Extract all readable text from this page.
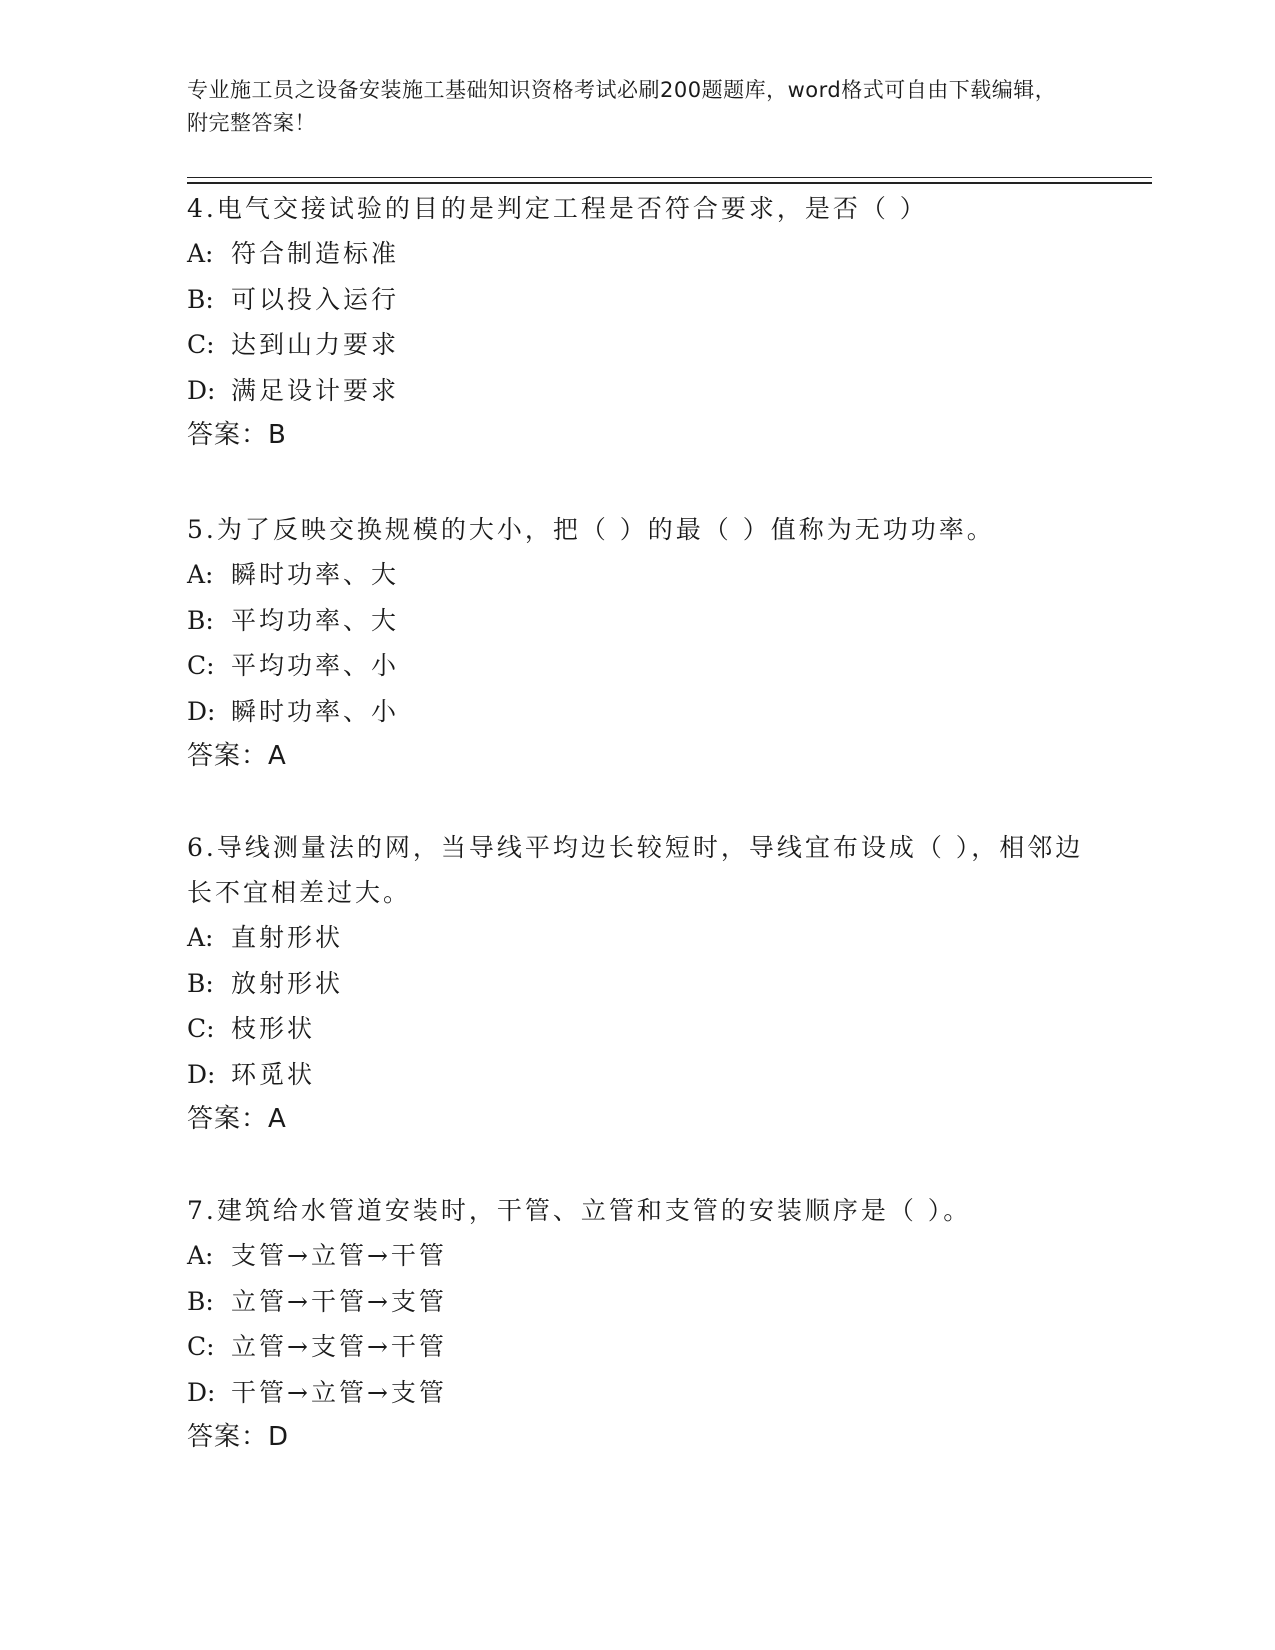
专业施工员之设备安装施工基础知识资格考试必刷200题题库，word格式可自由下载编辑，附完整答案！
4.电气交接试验的目的是判定工程是否符合要求，是否（ ）
A: 符合制造标准
B: 可以投入运行
C: 达到山力要求
D: 满足设计要求
答案：B
5.为了反映交换规模的大小，把（ ）的最（ ）值称为无功功率。
A: 瞬时功率、大
B: 平均功率、大
C: 平均功率、小
D: 瞬时功率、小
答案：A
6.导线测量法的网，当导线平均边长较短时，导线宜布设成（ ），相邻边长不宜相差过大。
A: 直射形状
B: 放射形状
C: 枝形状
D: 环觅状
答案：A
7.建筑给水管道安装时，干管、立管和支管的安装顺序是（ ）。
A: 支管→立管→干管
B: 立管→干管→支管
C: 立管→支管→干管
D: 干管→立管→支管
答案：D
